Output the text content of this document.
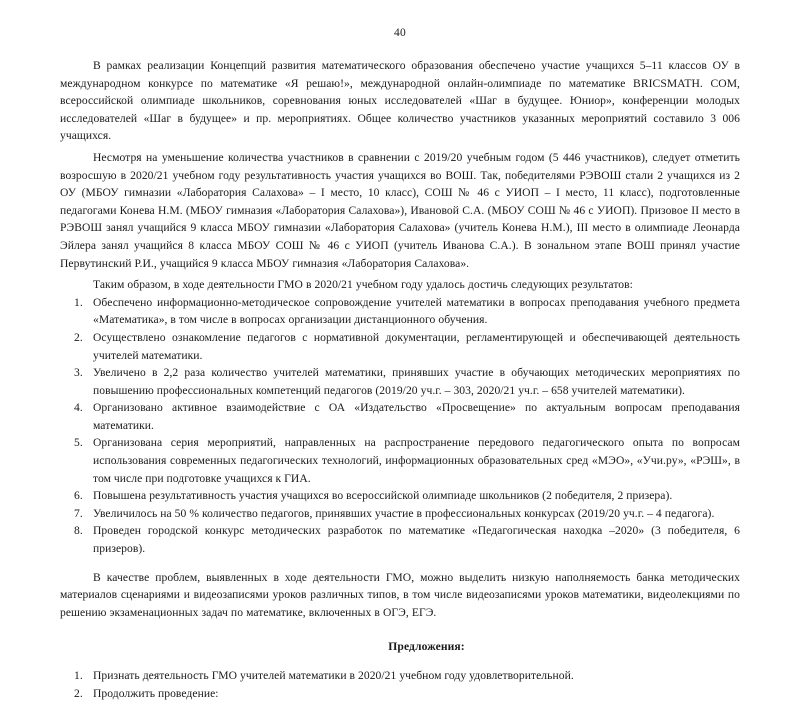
40

В рамках реализации Концепций развития математического образования обеспечено участие учащихся 5–11 классов ОУ в международном конкурсе по математике «Я решаю!», международной онлайн-олимпиаде по математике BRICSMATH. COM, всероссийской олимпиаде школьников, соревнования юных исследователей «Шаг в будущее. Юниор», конференции молодых исследователей «Шаг в будущее» и пр. мероприятиях. Общее количество участников указанных мероприятий составило 3 006 учащихся.

Несмотря на уменьшение количества участников в сравнении с 2019/20 учебным годом (5 446 участников), следует отметить возросшую в 2020/21 учебном году результативность участия учащихся во ВОШ. Так, победителями РЭВОШ стали 2 учащихся из 2 ОУ (МБОУ гимназии «Лаборатория Салахова» – I место, 10 класс), СОШ № 46 с УИОП – I место, 11 класс), подготовленные педагогами Конева Н.М. (МБОУ гимназия «Лаборатория Салахова»), Ивановой С.А. (МБОУ СОШ № 46 с УИОП). Призовое II место в РЭВОШ занял учащийся 9 класса МБОУ гимназии «Лаборатория Салахова» (учитель Конева Н.М.), III место в олимпиаде Леонарда Эйлера занял учащийся 8 класса МБОУ СОШ № 46 с УИОП (учитель Иванова С.А.). В зональном этапе ВОШ принял участие Первутинский Р.И., учащийся 9 класса МБОУ гимназия «Лаборатория Салахова».

Таким образом, в ходе деятельности ГМО в 2020/21 учебном году удалось достичь следующих результатов:

1. Обеспечено информационно-методическое сопровождение учителей математики в вопросах преподавания учебного предмета «Математика», в том числе в вопросах организации дистанционного обучения.
2. Осуществлено ознакомление педагогов с нормативной документации, регламентирующей и обеспечивающей деятельность учителей математики.
3. Увеличено в 2,2 раза количество учителей математики, принявших участие в обучающих методических мероприятиях по повышению профессиональных компетенций педагогов (2019/20 уч.г. – 303, 2020/21 уч.г. – 658 учителей математики).
4. Организовано активное взаимодействие с ОА «Издательство «Просвещение» по актуальным вопросам преподавания математики.
5. Организована серия мероприятий, направленных на распространение передового педагогического опыта по вопросам использования современных педагогических технологий, информационных образовательных сред «МЭО», «Учи.ру», «РЭШ», в том числе при подготовке учащихся к ГИА.
6. Повышена результативность участия учащихся во всероссийской олимпиаде школьников (2 победителя, 2 призера).
7. Увеличилось на 50 % количество педагогов, принявших участие в профессиональных конкурсах (2019/20 уч.г. – 4 педагога).
8. Проведен городской конкурс методических разработок по математике «Педагогическая находка –2020» (3 победителя, 6 призеров).

В качестве проблем, выявленных в ходе деятельности ГМО, можно выделить низкую наполняемость банка методических материалов сценариями и видеозаписями уроков различных типов, в том числе видеозаписями уроков математики, видеолекциями по решению экзаменационных задач по математике, включенных в ОГЭ, ЕГЭ.

Предложения:
1. Признать деятельность ГМО учителей математики в 2020/21 учебном году удовлетворительной.
2. Продолжить проведение:
